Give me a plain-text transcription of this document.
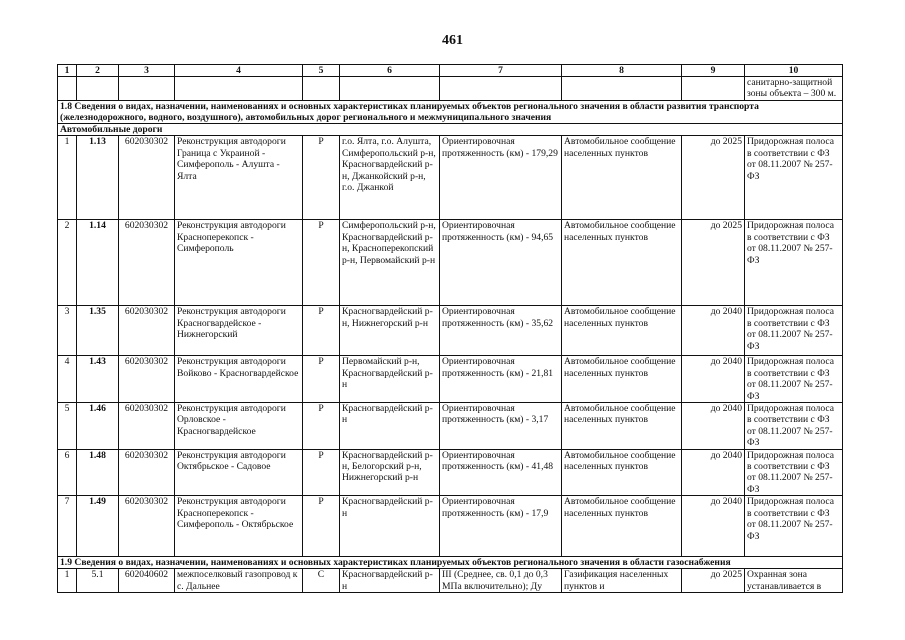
461
1	2	3	4	5	6	7	8	9	10
									санитарно-защитной зоны объекта – 300 м.
1.8 Сведения о видах, назначении, наименованиях и основных характеристиках планируемых объектов регионального значения в области развития транспорта (железнодорожного, водного, воздушного), автомобильных дорог регионального и межмуниципального значения									
Автомобильные дороги									
1	1.13	602030302	Реконструкция автодороги Граница с Украиной - Симферополь - Алушта - Ялта	Р	г.о. Ялта, г.о. Алушта, Симферопольский р-н, Красногвардейский р-н, Джанкойский р-н, г.о. Джанкой	Ориентировочная протяженность (км) - 179,29	Автомобильное сообщение населенных пунктов	до 2025	Придорожная полоса в соответствии с ФЗ от 08.11.2007 № 257-ФЗ
2	1.14	602030302	Реконструкция автодороги Красноперекопск - Симферополь	Р	Симферопольский р-н, Красногвардейский р-н, Красноперекопский р-н, Первомайский р-н	Ориентировочная протяженность (км) - 94,65	Автомобильное сообщение населенных пунктов	до 2025	Придорожная полоса в соответствии с ФЗ от 08.11.2007 № 257-ФЗ
3	1.35	602030302	Реконструкция автодороги Красногвардейское - Нижнегорский	Р	Красногвардейский р-н, Нижнегорский р-н	Ориентировочная протяженность (км) - 35,62	Автомобильное сообщение населенных пунктов	до 2040	Придорожная полоса в соответствии с ФЗ от 08.11.2007 № 257-ФЗ
4	1.43	602030302	Реконструкция автодороги Войково - Красногвардейское	Р	Первомайский р-н, Красногвардейский р-н	Ориентировочная протяженность (км) - 21,81	Автомобильное сообщение населенных пунктов	до 2040	Придорожная полоса в соответствии с ФЗ от 08.11.2007 № 257-ФЗ
5	1.46	602030302	Реконструкция автодороги Орловское - Красногвардейское	Р	Красногвардейский р-н	Ориентировочная протяженность (км) - 3,17	Автомобильное сообщение населенных пунктов	до 2040	Придорожная полоса в соответствии с ФЗ от 08.11.2007 № 257-ФЗ
6	1.48	602030302	Реконструкция автодороги Октябрьское - Садовое	Р	Красногвардейский р-н, Белогорский р-н, Нижнегорский р-н	Ориентировочная протяженность (км) - 41,48	Автомобильное сообщение населенных пунктов	до 2040	Придорожная полоса в соответствии с ФЗ от 08.11.2007 № 257-ФЗ
7	1.49	602030302	Реконструкция автодороги Красноперекопск - Симферополь - Октябрьское	Р	Красногвардейский р-н	Ориентировочная протяженность (км) - 17,9	Автомобильное сообщение населенных пунктов	до 2040	Придорожная полоса в соответствии с ФЗ от 08.11.2007 № 257-ФЗ
1.9 Сведения о видах, назначении, наименованиях и основных характеристиках планируемых объектов регионального значения в области газоснабжения									
1	5.1	602040602	межпоселковый газопровод к с. Дальнее	С	Красногвардейский р-н	III (Среднее, св. 0,1 до 0,3 МПа включительно); Ду	Газификация населенных пунктов и	до 2025	Охранная зона устанавливается в
